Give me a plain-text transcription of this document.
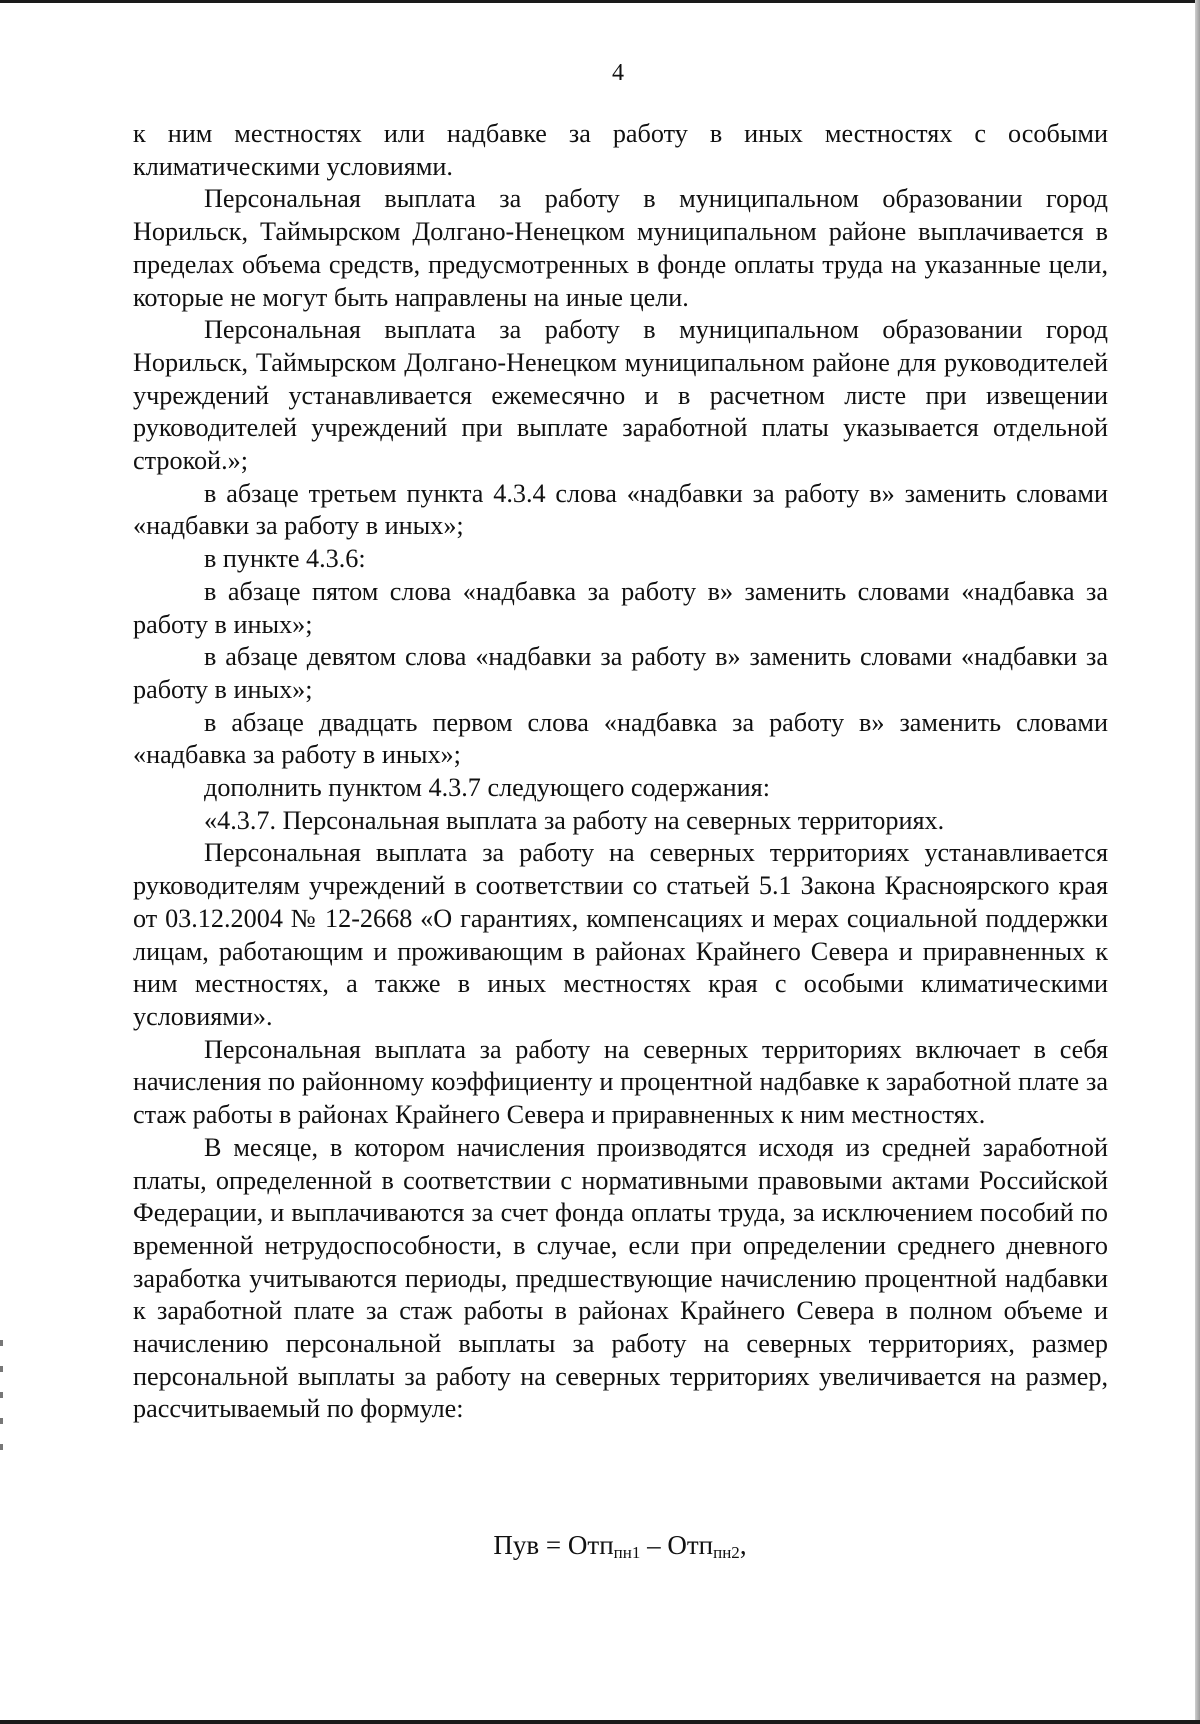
4

к ним местностях или надбавке за работу в иных местностях с особыми климатическими условиями.

Персональная выплата за работу в муниципальном образовании город Норильск, Таймырском Долгано-Ненецком муниципальном районе выплачивается в пределах объема средств, предусмотренных в фонде оплаты труда на указанные цели, которые не могут быть направлены на иные цели.

Персональная выплата за работу в муниципальном образовании город Норильск, Таймырском Долгано-Ненецком муниципальном районе для руководителей учреждений устанавливается ежемесячно и в расчетном листе при извещении руководителей учреждений при выплате заработной платы указывается отдельной строкой.»;

в абзаце третьем пункта 4.3.4 слова «надбавки за работу в» заменить словами «надбавки за работу в иных»;

в пункте 4.3.6:

в абзаце пятом слова «надбавка за работу в» заменить словами «надбавка за работу в иных»;

в абзаце девятом слова «надбавки за работу в» заменить словами «надбавки за работу в иных»;

в абзаце двадцать первом слова «надбавка за работу в» заменить словами «надбавка за работу в иных»;

дополнить пунктом 4.3.7 следующего содержания:

«4.3.7. Персональная выплата за работу на северных территориях.

Персональная выплата за работу на северных территориях устанавливается руководителям учреждений в соответствии со статьей 5.1 Закона Красноярского края от 03.12.2004 № 12-2668 «О гарантиях, компенсациях и мерах социальной поддержки лицам, работающим и проживающим в районах Крайнего Севера и приравненных к ним местностях, а также в иных местностях края с особыми климатическими условиями».

Персональная выплата за работу на северных территориях включает в себя начисления по районному коэффициенту и процентной надбавке к заработной плате за стаж работы в районах Крайнего Севера и приравненных к ним местностях.

В месяце, в котором начисления производятся исходя из средней заработной платы, определенной в соответствии с нормативными правовыми актами Российской Федерации, и выплачиваются за счет фонда оплаты труда, за исключением пособий по временной нетрудоспособности, в случае, если при определении среднего дневного заработка учитываются периоды, предшествующие начислению процентной надбавки к заработной плате за стаж работы в районах Крайнего Севера в полном объеме и начислению персональной выплаты за работу на северных территориях, размер персональной выплаты за работу на северных территориях увеличивается на размер, рассчитываемый по формуле:

Пув = Отп$_{пн1}$ – Отп$_{пн2}$,
